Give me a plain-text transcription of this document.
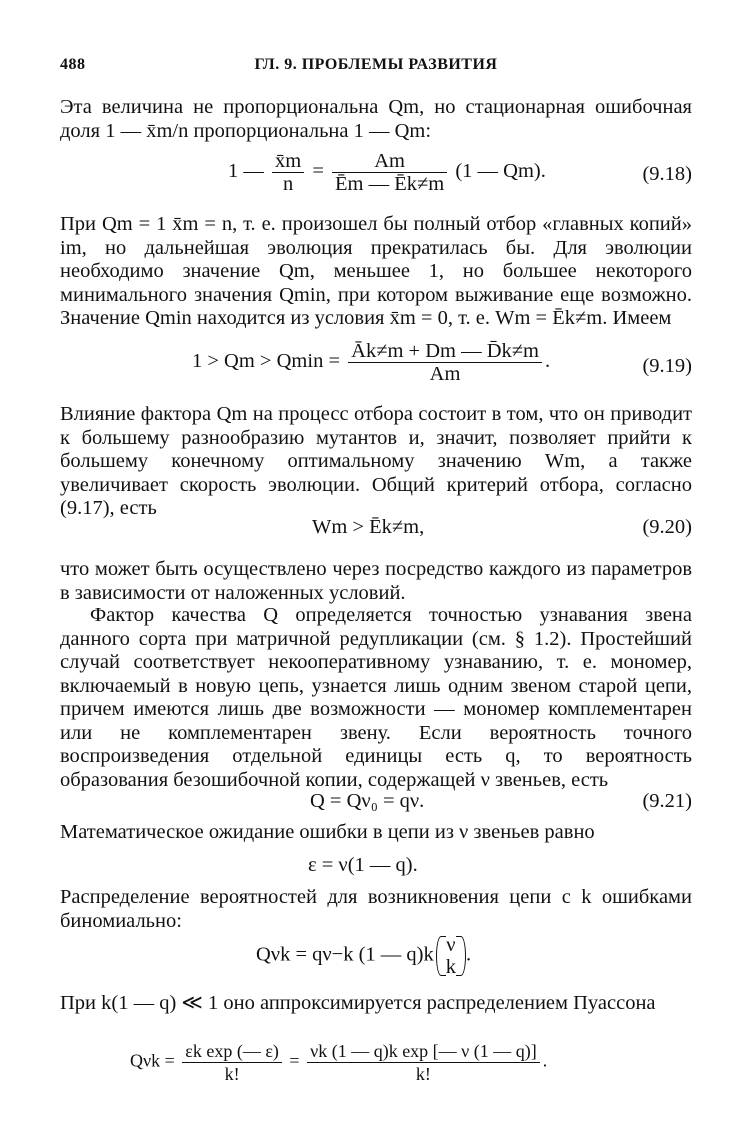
488	ГЛ. 9. ПРОБЛЕМЫ РАЗВИТИЯ
Эта величина не пропорциональна Qm, но стационарная ошибочная доля 1 — x̄m/n пропорциональна 1 — Qm:
1 — $\frac{x̄m}{n} = \frac{Am}{Ēm — Ēk\ne m} (1$ — Qm).	(9.18)
При Qm = 1 x̄m = n, т. е. произошел бы полный отбор «главных копий» im, но дальнейшая эволюция прекратилась бы. Для эволюции необходимо значение Qm, меньшее 1, но большее некоторого минимального значения Qmin, при котором выживание еще возможно. Значение Qmin находится из условия x̄m = 0, т. е. Wm = Ēk≠m. Имеем
$1 > Qm > Qmin = \frac{Āk\ne m + Dm — D̄k\ne m}{Am}$ .	(9.19)
Влияние фактора Qm на процесс отбора состоит в том, что он приводит к большему разнообразию мутантов и, значит, позволяет прийти к большему конечному оптимальному значению Wm, а также увеличивает скорость эволюции. Общий критерий отбора, согласно (9.17), есть
Wm > Ēk≠m,	(9.20)
что может быть осуществлено через посредство каждого из параметров в зависимости от наложенных условий.
Фактор качества Q определяется точностью узнавания звена данного сорта при матричной редупликации (см. § 1.2). Простейший случай соответствует некооперативному узнаванию, т. е. мономер, включаемый в новую цепь, узнается лишь одним звеном старой цепи, причем имеются лишь две возможности — мономер комплементарен или не комплементарен звену. Если вероятность точного воспроизведения отдельной единицы есть q, то вероятность образования безошибочной копии, содержащей ν звеньев, есть
Q = Qν₀ = qν.	(9.21)
Математическое ожидание ошибки в цепи из ν звеньев равно
ε = ν(1 — q).
Распределение вероятностей для возникновения цепи с k ошибками биномиально:
Qνk = qν−k (1 — q)k ν
k
.
При k(1 — q) ≪ 1 оно аппроксимируется распределением Пуассона
$Q\nu k = \frac{\text{εk exp (— ε)}}{k!} = \frac{\text{νk (1 — q)k exp [— ν (1 — q)]}}{k!}$ .
